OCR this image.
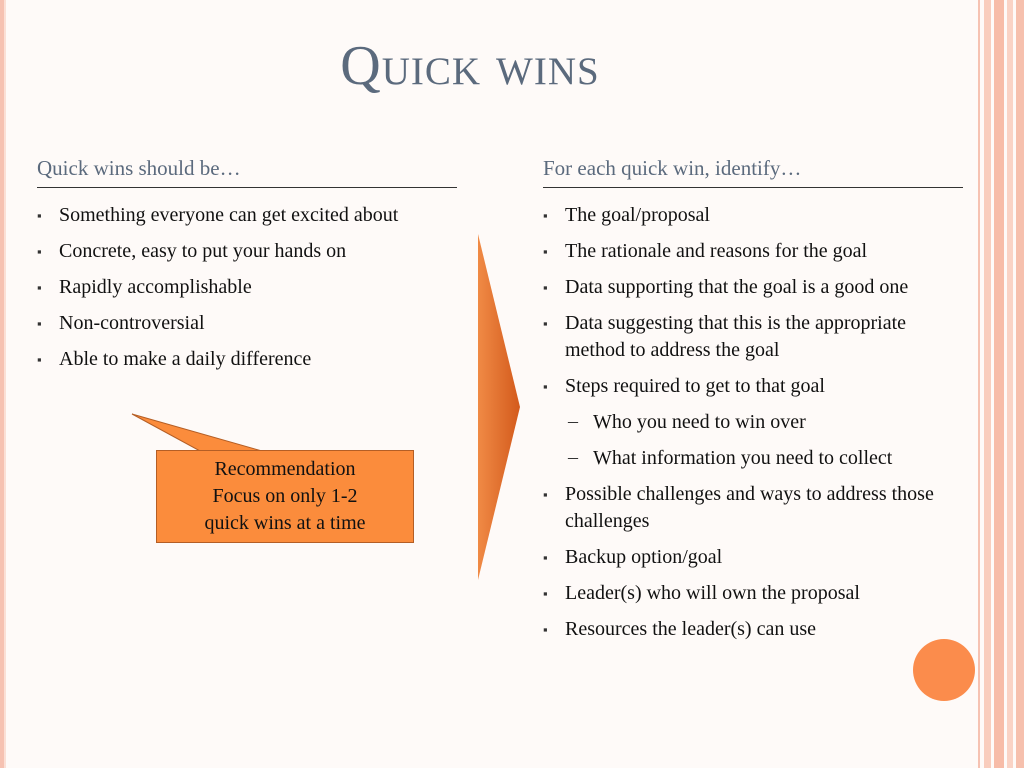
Quick wins
Quick wins should be…
▪ Something everyone can get excited about
▪ Concrete, easy to put your hands on
▪ Rapidly accomplishable
▪ Non-controversial
▪ Able to make a daily difference
Recommendation
Focus on only 1-2
quick wins at a time
For each quick win, identify…
▪ The goal/proposal
▪ The rationale and reasons for the goal
▪ Data supporting that the goal is a good one
▪ Data suggesting that this is the appropriate method to address the goal
▪ Steps required to get to that goal
– Who you need to win over
– What information you need to collect
▪ Possible challenges and ways to address those challenges
▪ Backup option/goal
▪ Leader(s) who will own the proposal
▪ Resources the leader(s) can use
